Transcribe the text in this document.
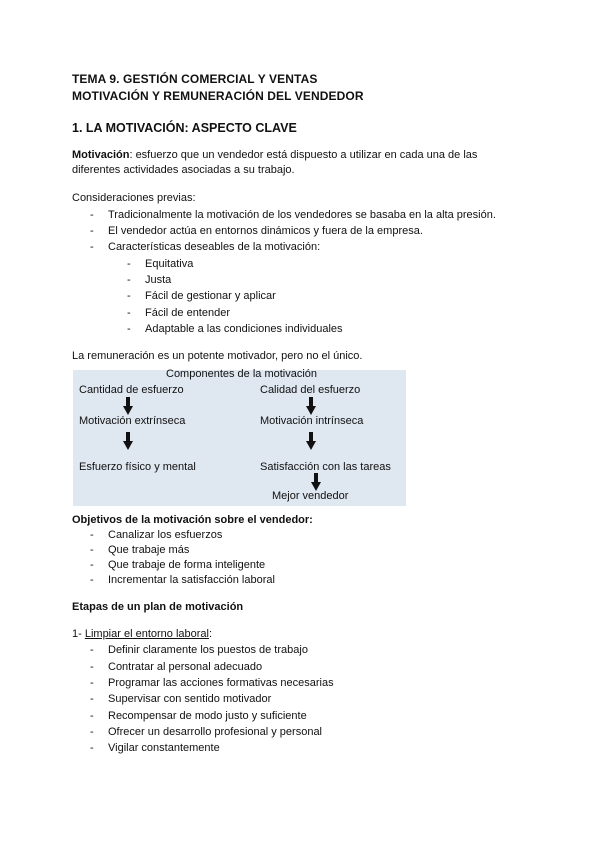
TEMA 9. GESTIÓN COMERCIAL Y VENTAS
MOTIVACIÓN Y REMUNERACIÓN DEL VENDEDOR
1. LA MOTIVACIÓN: ASPECTO CLAVE
Motivación: esfuerzo que un vendedor está dispuesto a utilizar en cada una de las
diferentes actividades asociadas a su trabajo.
Consideraciones previas:
- Tradicionalmente la motivación de los vendedores se basaba en la alta presión.
- El vendedor actúa en entornos dinámicos y fuera de la empresa.
- Características deseables de la motivación:
- Equitativa
- Justa
- Fácil de gestionar y aplicar
- Fácil de entender
- Adaptable a las condiciones individuales
La remuneración es un potente motivador, pero no el único.
Componentes de la motivación
Cantidad de esfuerzo	Calidad del esfuerzo
Motivación extrínseca	Motivación intrínseca
Esfuerzo físico y mental	Satisfacción con las tareas
Mejor vendedor
Objetivos de la motivación sobre el vendedor:
- Canalizar los esfuerzos
- Que trabaje más
- Que trabaje de forma inteligente
- Incrementar la satisfacción laboral
Etapas de un plan de motivación
1- Limpiar el entorno laboral:
- Definir claramente los puestos de trabajo
- Contratar al personal adecuado
- Programar las acciones formativas necesarias
- Supervisar con sentido motivador
- Recompensar de modo justo y suficiente
- Ofrecer un desarrollo profesional y personal
- Vigilar constantemente
